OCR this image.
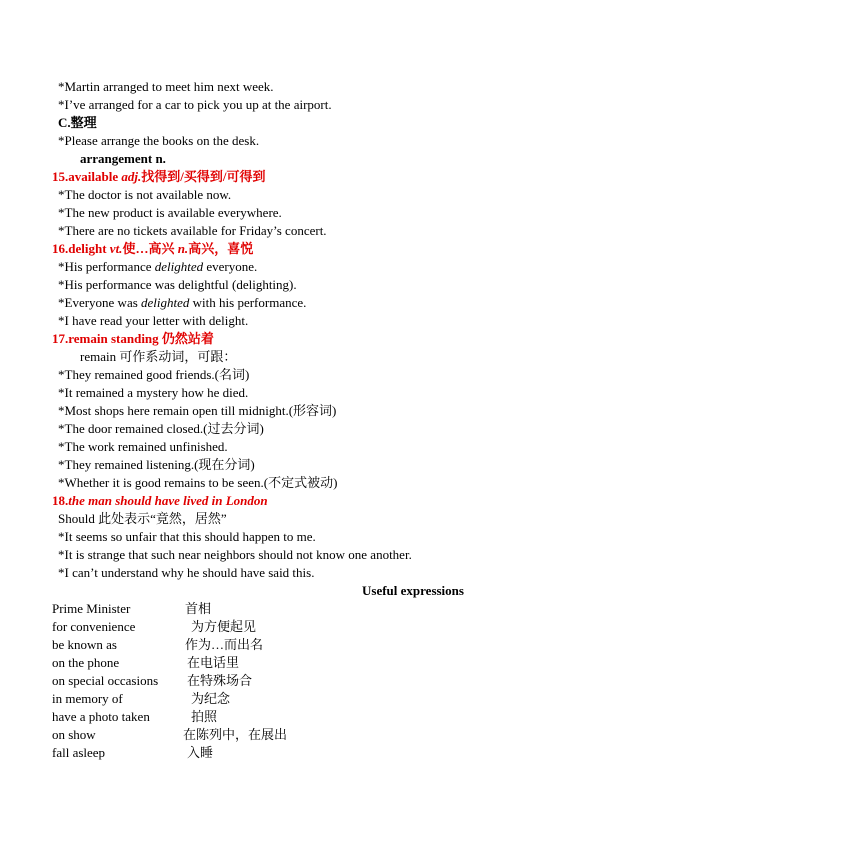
*Martin arranged to meet him next week.
*I’ve arranged for a car to pick you up at the airport.
C.整理
*Please arrange the books on the desk.
arrangement n.
15.available adj.找得到/买得到/可得到
*The doctor is not available now.
*The new product is available everywhere.
*There are no tickets available for Friday’s concert.
16.delight vt.使…高兴 n.高兴，喜悦
*His performance delighted everyone.
*His performance was delightful (delighting).
*Everyone was delighted with his performance.
*I have read your letter with delight.
17.remain standing 仍然站着
remain 可作系动词，可跟：
*They remained good friends.(名词)
*It remained a mystery how he died.
*Most shops here remain open till midnight.(形容词)
*The door remained closed.(过去分词)
*The work remained unfinished.
*They remained listening.(现在分词)
*Whether it is good remains to be seen.(不定式被动)
18.the man should have lived in London
Should 此处表示“竟然，居然”
*It seems so unfair that this should happen to me.
*It is strange that such near neighbors should not know one another.
*I can’t understand why he should have said this.
Useful expressions
Prime Minister	首相
for convenience	为方便起见
be known as	作为…而出名
on the phone	在电话里
on special occasions 在特殊场合
in memory of	为纪念
have a photo taken	拍照
on show	在陈列中，在展出
fall asleep	入睡
